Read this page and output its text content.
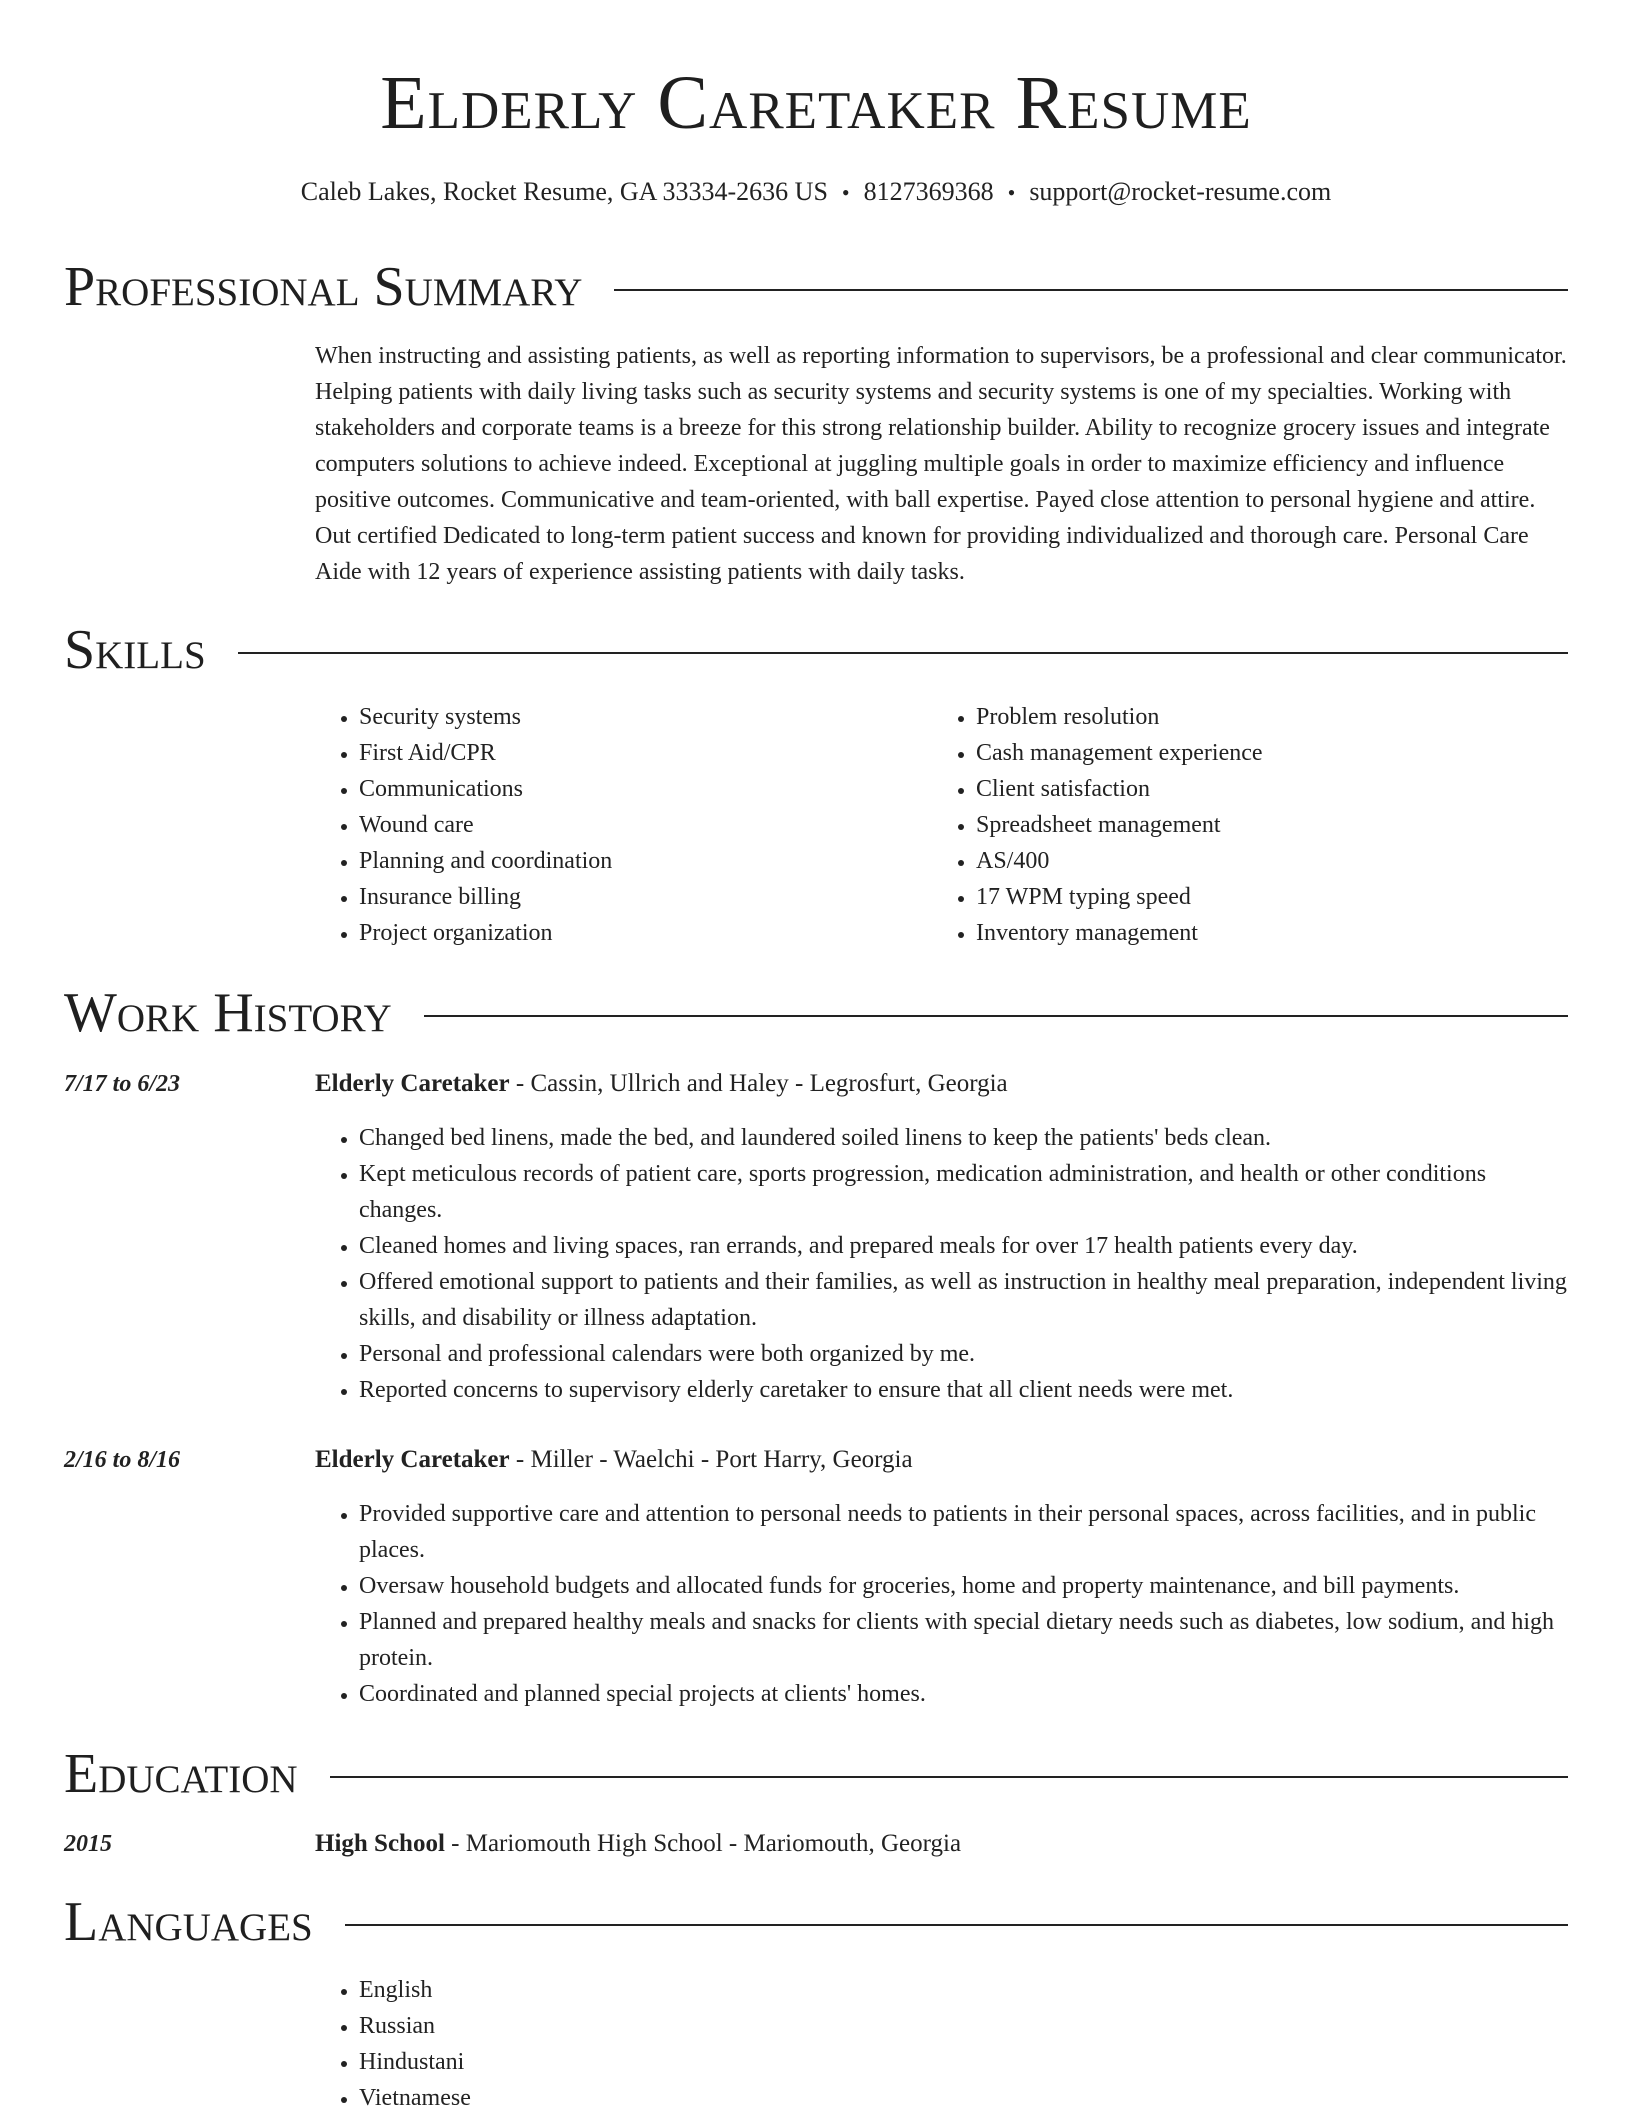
Elderly Caretaker Resume
Caleb Lakes, Rocket Resume, GA 33334-2636 US • 8127369368 • support@rocket-resume.com
Professional Summary

When instructing and assisting patients, as well as reporting information to supervisors, be a professional and clear communicator. Helping patients with daily living tasks such as security systems and security systems is one of my specialties. Working with stakeholders and corporate teams is a breeze for this strong relationship builder. Ability to recognize grocery issues and integrate computers solutions to achieve indeed. Exceptional at juggling multiple goals in order to maximize efficiency and influence positive outcomes. Communicative and team-oriented, with ball expertise. Payed close attention to personal hygiene and attire. Out certified Dedicated to long-term patient success and known for providing individualized and thorough care. Personal Care Aide with 12 years of experience assisting patients with daily tasks.

Skills
• Security systems
• First Aid/CPR
• Communications
• Wound care
• Planning and coordination
• Insurance billing
• Project organization
• Problem resolution
• Cash management experience
• Client satisfaction
• Spreadsheet management
• AS/400
• 17 WPM typing speed
• Inventory management
Work History
7/17 to 6/23	Elderly Caretaker - Cassin, Ullrich and Haley - Legrosfurt, Georgia
• Changed bed linens, made the bed, and laundered soiled linens to keep the patients' beds clean.
• Kept meticulous records of patient care, sports progression, medication administration, and health or other conditions changes.
• Cleaned homes and living spaces, ran errands, and prepared meals for over 17 health patients every day.
• Offered emotional support to patients and their families, as well as instruction in healthy meal preparation, independent living skills, and disability or illness adaptation.
• Personal and professional calendars were both organized by me.
• Reported concerns to supervisory elderly caretaker to ensure that all client needs were met.
2/16 to 8/16	Elderly Caretaker - Miller - Waelchi - Port Harry, Georgia
• Provided supportive care and attention to personal needs to patients in their personal spaces, across facilities, and in public places.
• Oversaw household budgets and allocated funds for groceries, home and property maintenance, and bill payments.
• Planned and prepared healthy meals and snacks for clients with special dietary needs such as diabetes, low sodium, and high protein.
• Coordinated and planned special projects at clients' homes.
Education
2015	High School - Mariomouth High School - Mariomouth, Georgia
Languages
• English
• Russian
• Hindustani
• Vietnamese
